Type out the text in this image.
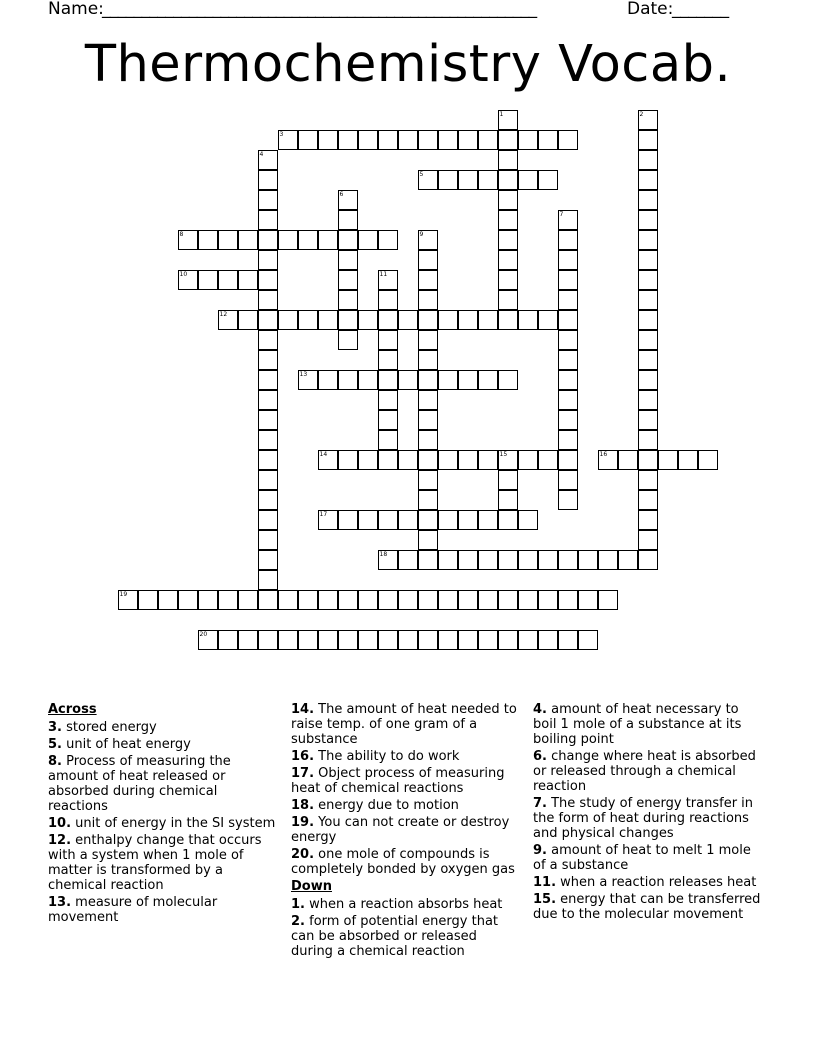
Name:
_______________________________________________________	Date:
_______
Thermochemistry Vocab.
1	2
3
4
5
6
7
8	9
10	11
12
13
14	15	16
17
18
19
20

Across

3. stored energy

5. unit of heat energy

8. Process of measuring the amount of heat released or absorbed during chemical reactions

10. unit of energy in the SI system

12. enthalpy change that occurs with a system when 1 mole of matter is transformed by a chemical reaction

13. measure of molecular movement

14. The amount of heat needed to raise temp. of one gram of a substance

16. The ability to do work

17. Object process of measuring heat of chemical reactions

18. energy due to motion

19. You can not create or destroy energy

20. one mole of compounds is completely bonded by oxygen gas

Down

1. when a reaction absorbs heat

2. form of potential energy that can be absorbed or released during a chemical reaction

4. amount of heat necessary to boil 1 mole of a substance at its boiling point

6. change where heat is absorbed or released through a chemical reaction

7. The study of energy transfer in the form of heat during reactions and physical changes

9. amount of heat to melt 1 mole of a substance

11. when a reaction releases heat

15. energy that can be transferred due to the molecular movement
